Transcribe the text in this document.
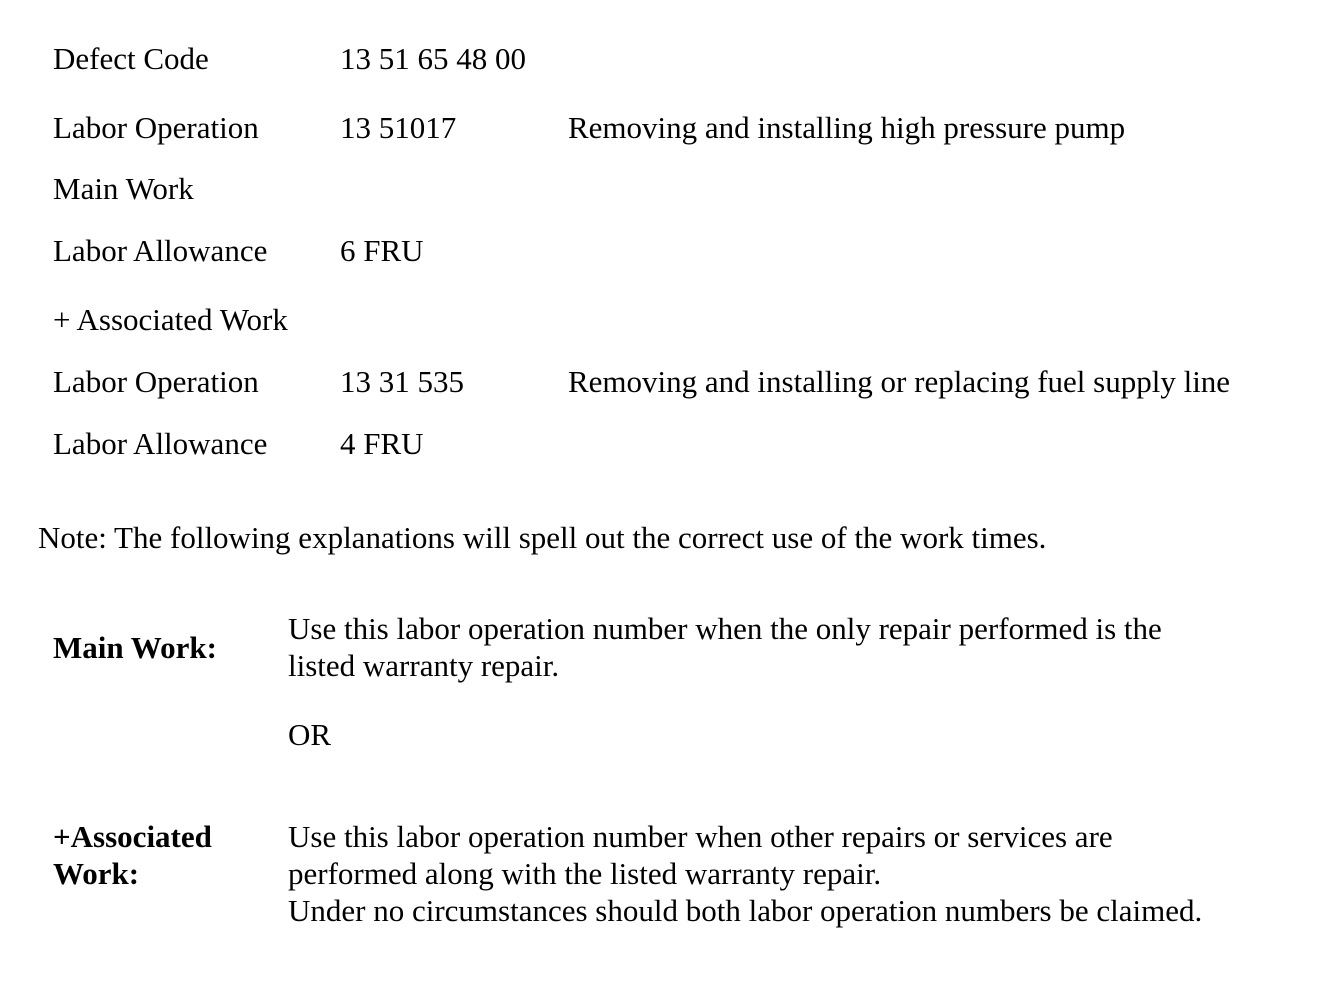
Defect Code	13 51 65 48 00
Labor Operation	13 51017	Removing and installing high pressure pump
Main Work
Labor Allowance 6 FRU
+ Associated Work
Labor Operation	13 31 535	Removing and installing or replacing fuel supply line
Labor Allowance 4 FRU
Note: The following explanations will spell out the correct use of the work times.
Main Work:
Use this labor operation number when the only repair performed is the
listed warranty repair.
OR
+Associated
Work:
Use this labor operation number when other repairs or services are
performed along with the listed warranty repair.
Under no circumstances should both labor operation numbers be claimed.
